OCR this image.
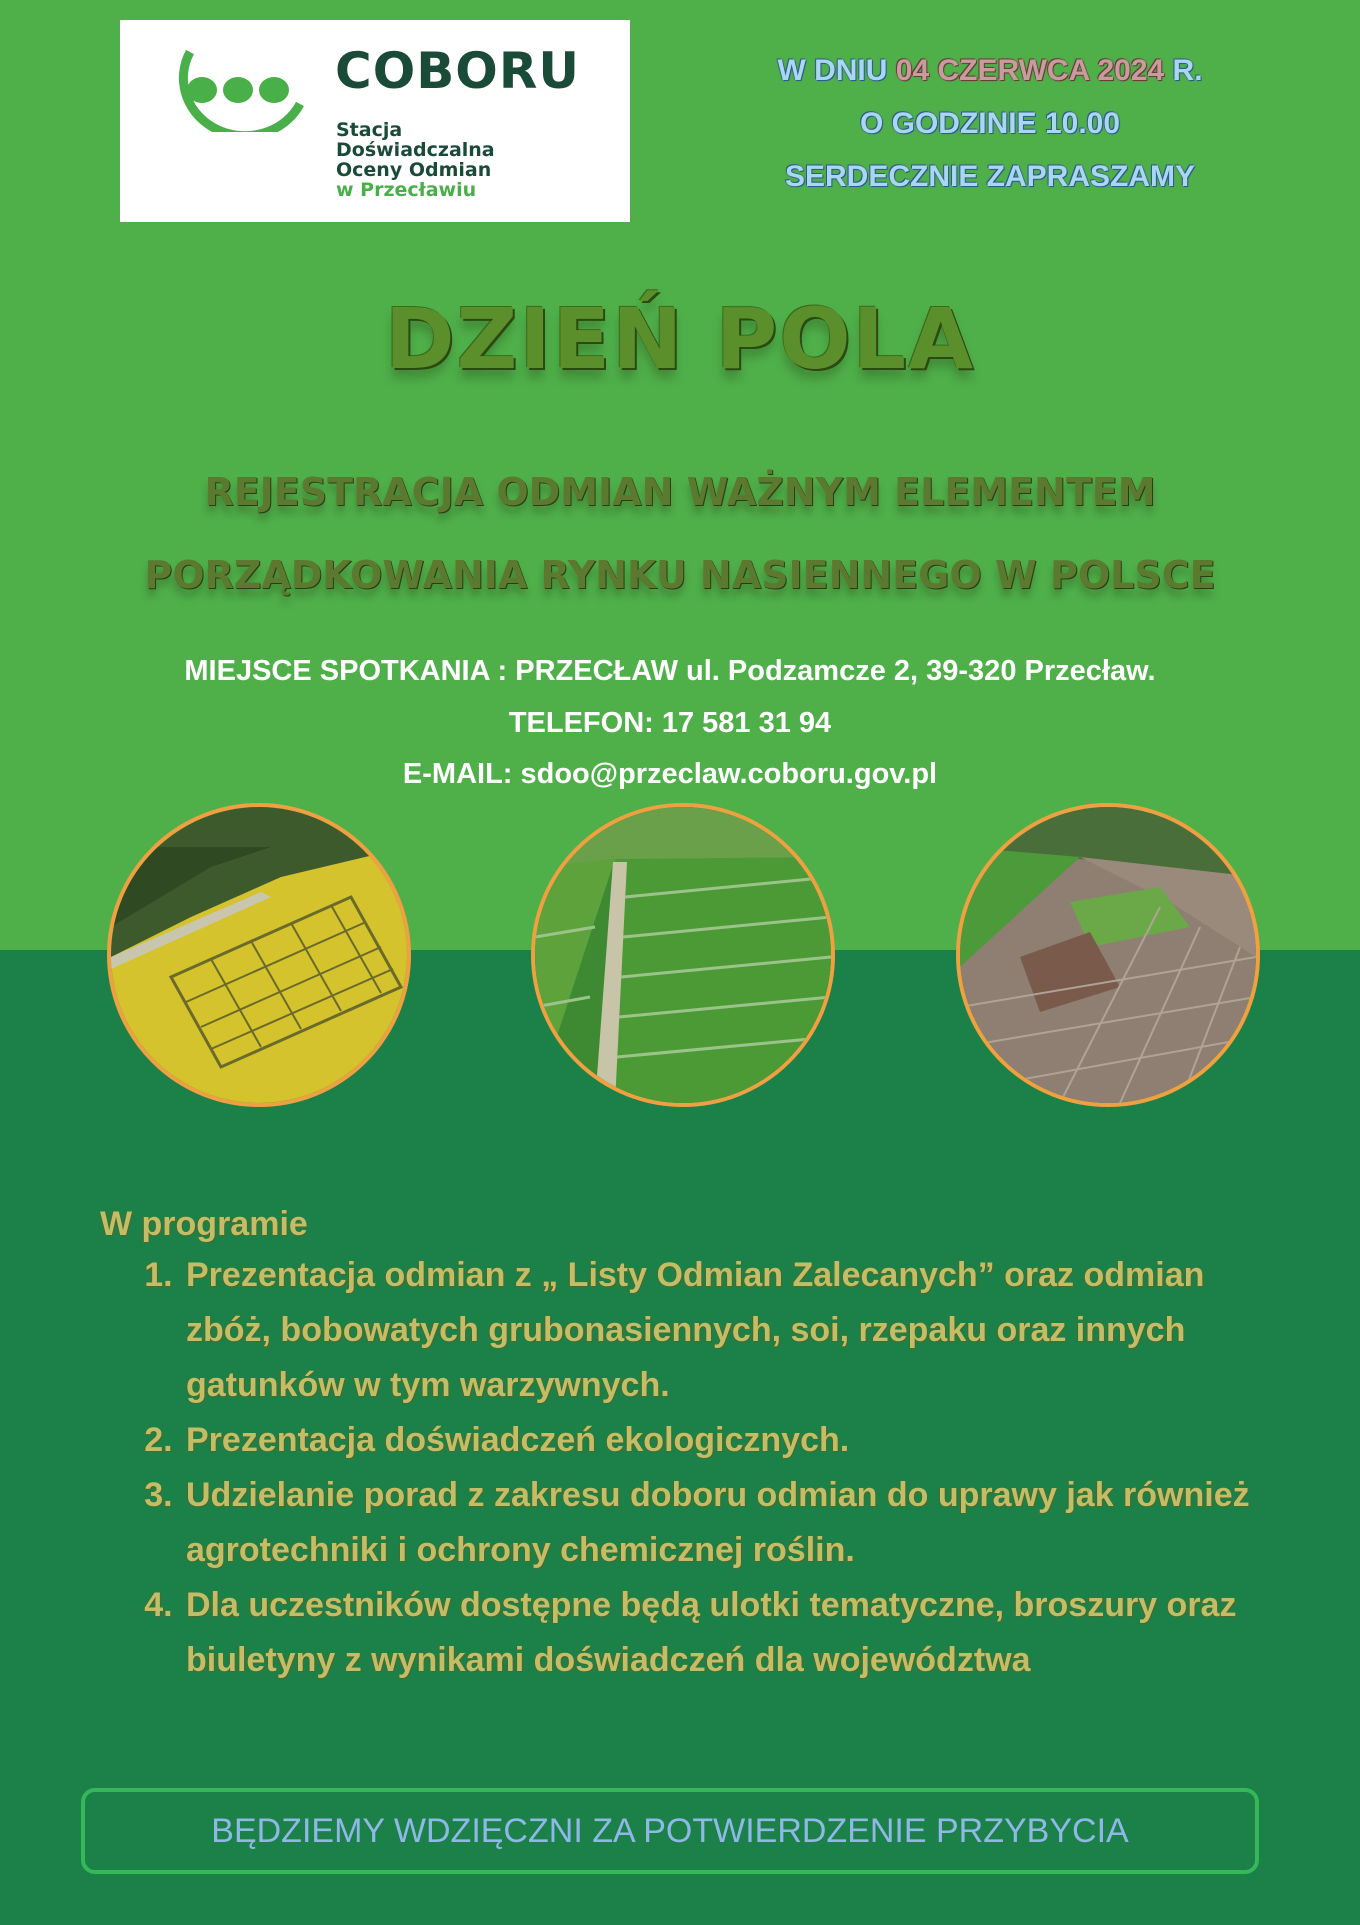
COBORU
Stacja
Doświadczalna
Oceny Odmian
w Przecławiu
W DNIU 04 CZERWCA 2024 R.
O GODZINIE 10.00
SERDECZNIE ZAPRASZAMY
DZIEŃ POLA
REJESTRACJA ODMIAN WAŻNYM ELEMENTEM
PORZĄDKOWANIA RYNKU NASIENNEGO W POLSCE
MIEJSCE SPOTKANIA : PRZECŁAW ul. Podzamcze 2, 39-320 Przecław.
TELEFON: 17 581 31 94
E-MAIL: sdoo@przeclaw.coboru.gov.pl
W programie
1. Prezentacja odmian z „ Listy Odmian Zalecanych” oraz odmian zbóż, bobowatych grubonasiennych, soi, rzepaku oraz innych gatunków w tym warzywnych.
2. Prezentacja doświadczeń ekologicznych.
3. Udzielanie porad z zakresu doboru odmian do uprawy jak również agrotechniki i ochrony chemicznej roślin.
4. Dla uczestników dostępne będą ulotki tematyczne, broszury oraz biuletyny z wynikami doświadczeń dla województwa
BĘDZIEMY WDZIĘCZNI ZA POTWIERDZENIE PRZYBYCIA
